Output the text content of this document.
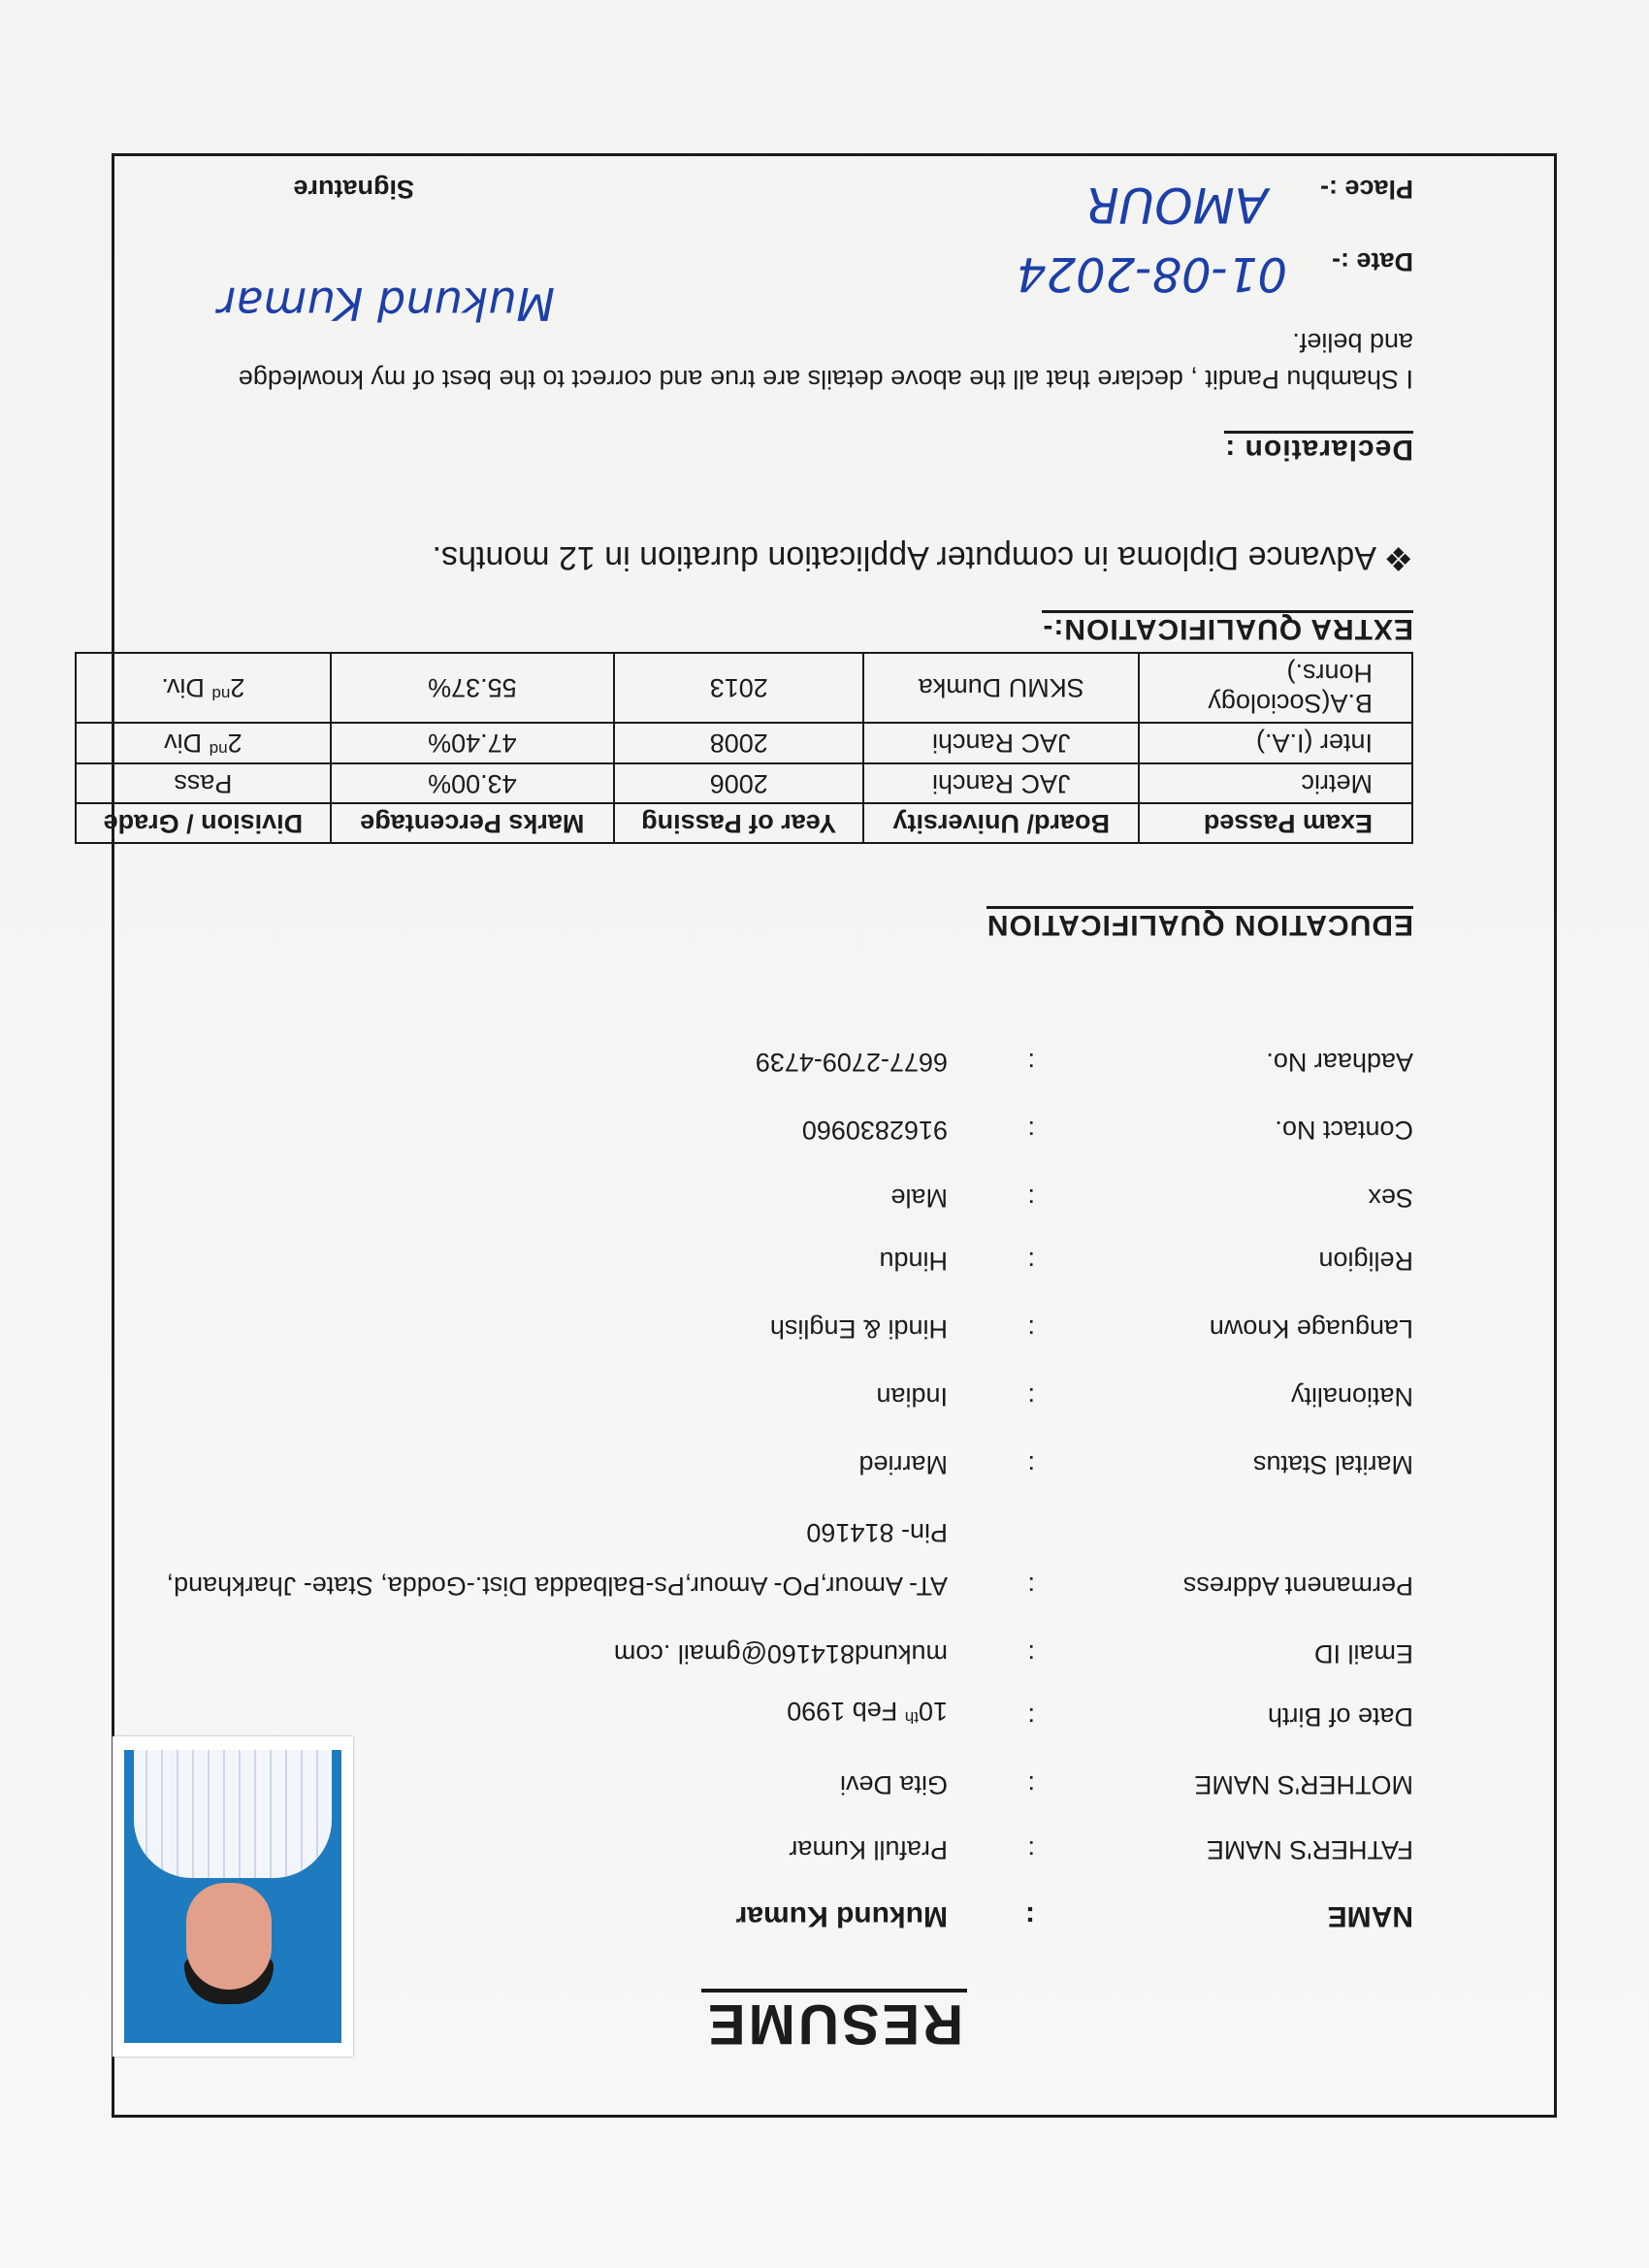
RESUME
NAME
:
Mukund Kumar
FATHER'S NAME
:
Prafull Kumar
MOTHER'S NAME
:
Gita Devi
Date of Birth
:
10th Feb 1990
Email ID
:
mukund814160@gmail .com
Permanent Address
:
AT- Amour,PO- Amour,Ps-Balbadda Dist.-Godda, State- Jharkhand,
Pin- 814160
Marital Status
:
Married
Nationality
:
Indian
Language Known
:
Hindi & English
Religion
:
Hindu
Sex
:
Male
Contact No.
:
9162830960
Aadhaar No.
:
6677-2709-4739
EDUCATION QUALIFICATION
Exam Passed	Board/ University	Year of Passing	Marks Percentage	Division / Grade
Metric	JAC Ranchi	2006	43.00%	Pass
Inter (I.A.)	JAC Ranchi	2008	47.40%	2nd Div
B.A(Sociology Honrs.)	SKMU Dumka	2013	55.37%	2nd Div.
EXTRA QUALIFICATION:-
❖ Advance Diploma in computer Application duration in 12 months.
Declaration :
I Shambhu Pandit , declare that all the above details are true and correct to the best of my knowledge and belief.
Date :-
01-08-2024
Place :-
AMOUR
Mukund Kumar
Signature
